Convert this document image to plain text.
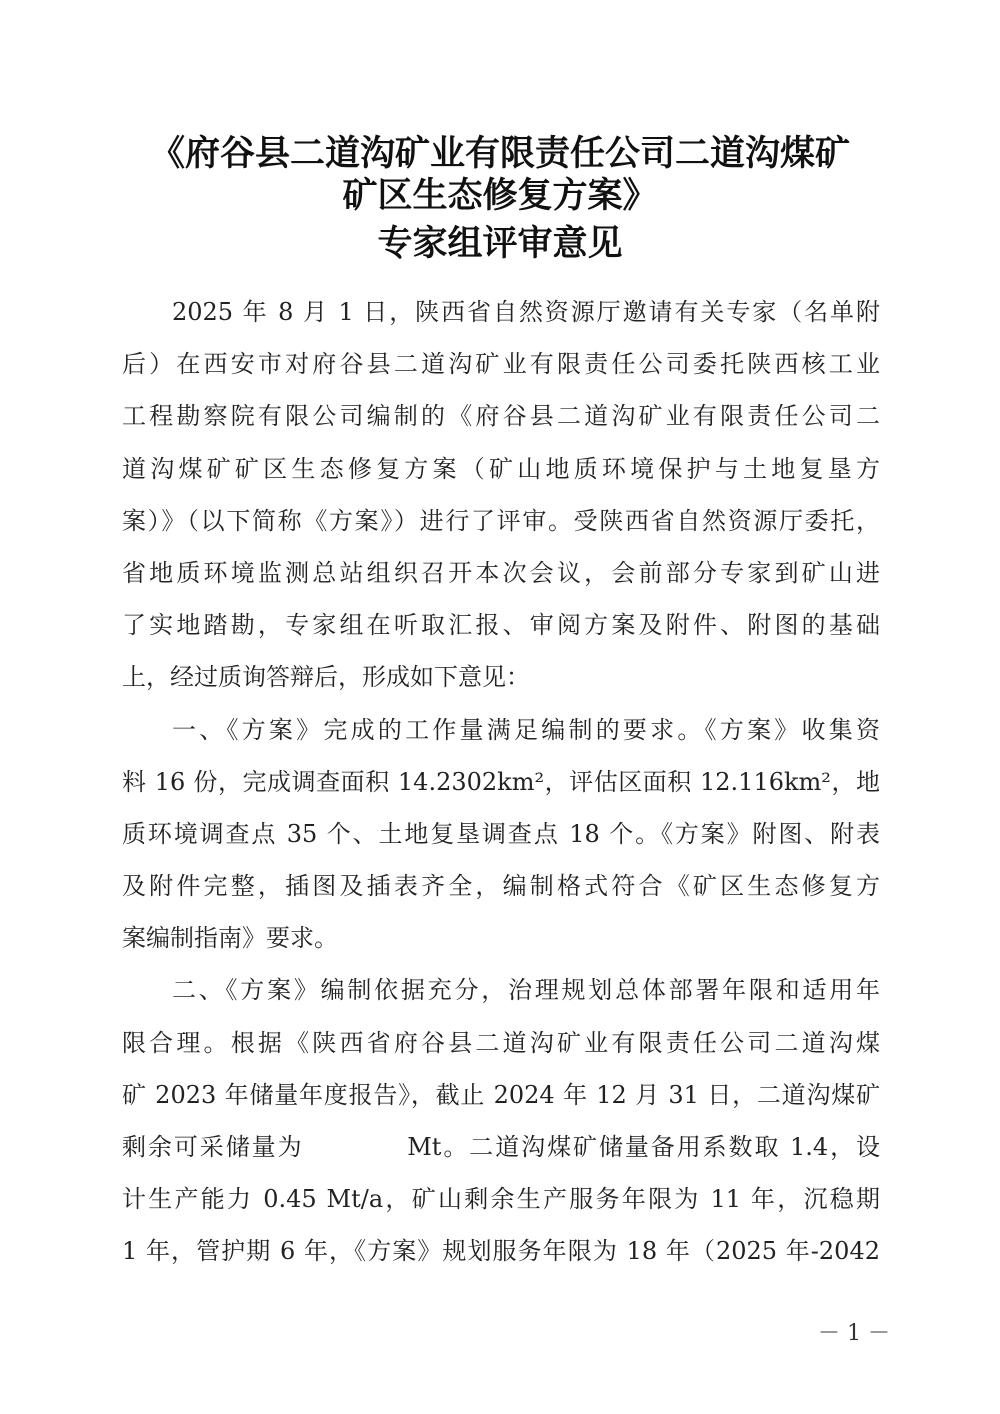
《府谷县二道沟矿业有限责任公司二道沟煤矿
矿区生态修复方案》
专家组评审意见
2025 年 8 月 1 日，陕西省自然资源厅邀请有关专家（名单附
后）在西安市对府谷县二道沟矿业有限责任公司委托陕西核工业
工程勘察院有限公司编制的《府谷县二道沟矿业有限责任公司二
道沟煤矿矿区生态修复方案（矿山地质环境保护与土地复垦方
案）》（以下简称《方案》）进行了评审。受陕西省自然资源厅委托，
省地质环境监测总站组织召开本次会议，会前部分专家到矿山进
了实地踏勘，专家组在听取汇报、审阅方案及附件、附图的基础
上，经过质询答辩后，形成如下意见：
一、《方案》完成的工作量满足编制的要求。《方案》收集资
料 16 份，完成调查面积 14.2302km²，评估区面积 12.116km²，地
质环境调查点 35 个、土地复垦调查点 18 个。《方案》附图、附表
及附件完整，插图及插表齐全，编制格式符合《矿区生态修复方
案编制指南》要求。
二、《方案》编制依据充分，治理规划总体部署年限和适用年
限合理。根据《陕西省府谷县二道沟矿业有限责任公司二道沟煤
矿 2023 年储量年度报告》，截止 2024 年 12 月 31 日，二道沟煤矿
剩余可采储量为　　　　Mt。二道沟煤矿储量备用系数取 1.4，设
计生产能力 0.45 Mt/a，矿山剩余生产服务年限为 11 年，沉稳期
1 年，管护期 6 年，《方案》规划服务年限为 18 年（2025 年-2042
－ 1 －
